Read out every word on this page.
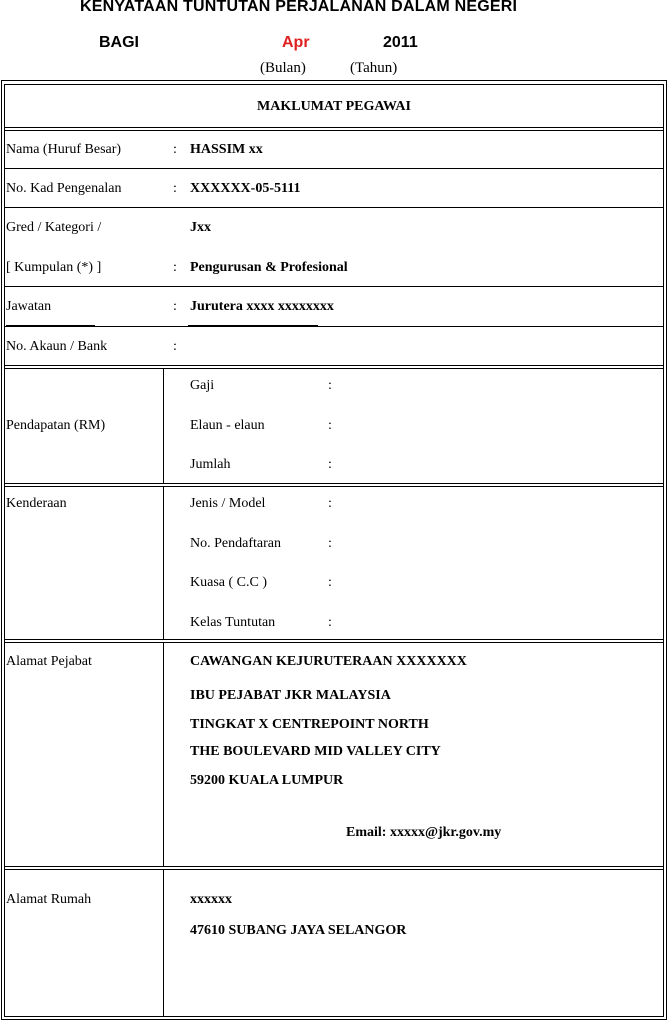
KENYATAAN TUNTUTAN PERJALANAN DALAM NEGERI
BAGI	Apr	2011
(Bulan)	(Tahun)
MAKLUMAT PEGAWAI
Nama (Huruf Besar)	: HASSIM xx
No. Kad Pengenalan	: XXXXXX-05-5111
Gred / Kategori /	Jxx
[ Kumpulan (*) ]	: Pengurusan & Profesional
Jawatan	: Jurutera xxxx xxxxxxxx
No. Akaun / Bank	:
Pendapatan (RM)
Gaji	:
Elaun - elaun	:
Jumlah	:
Kenderaan	Jenis / Model	:
No. Pendaftaran	:
Kuasa ( C.C )	:
Kelas Tuntutan	:
Alamat Pejabat	CAWANGAN KEJURUTERAAN XXXXXXX
IBU PEJABAT JKR MALAYSIA
TINGKAT X CENTREPOINT NORTH
THE BOULEVARD MID VALLEY CITY
59200 KUALA LUMPUR
Email: xxxxx@jkr.gov.my
Alamat Rumah	xxxxxx
47610 SUBANG JAYA SELANGOR
